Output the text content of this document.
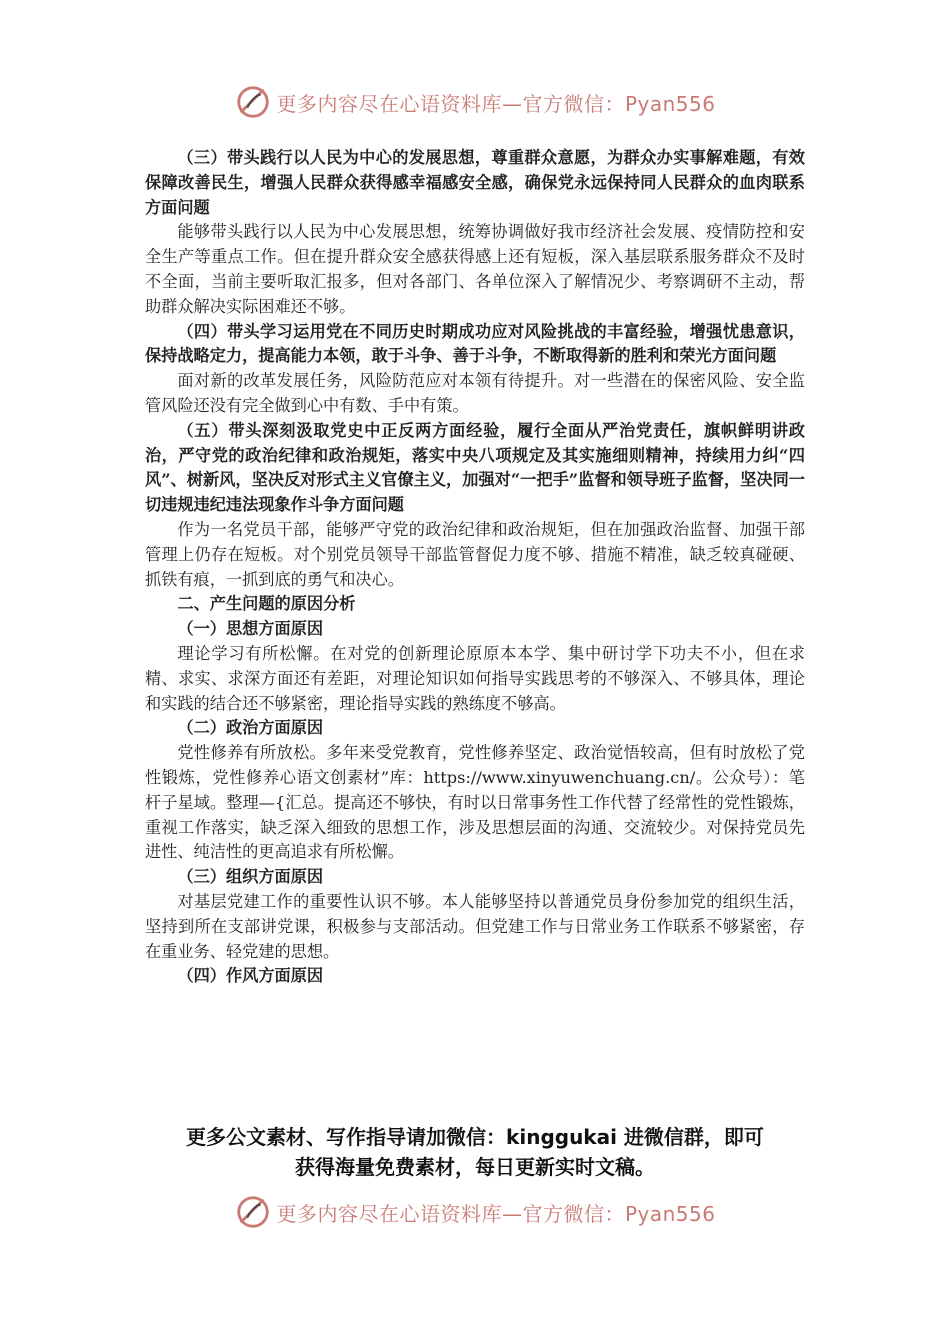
更多内容尽在心语资料库—官方微信：Pyan556

（三）带头践行以人民为中心的发展思想，尊重群众意愿，为群众办实事解难题，有效保障改善民生，增强人民群众获得感幸福感安全感，确保党永远保持同人民群众的血肉联系方面问题

能够带头践行以人民为中心发展思想，统筹协调做好我市经济社会发展、疫情防控和安全生产等重点工作。但在提升群众安全感获得感上还有短板，深入基层联系服务群众不及时不全面，当前主要听取汇报多，但对各部门、各单位深入了解情况少、考察调研不主动，帮助群众解决实际困难还不够。

（四）带头学习运用党在不同历史时期成功应对风险挑战的丰富经验，增强忧患意识，保持战略定力，提高能力本领，敢于斗争、善于斗争，不断取得新的胜利和荣光方面问题

面对新的改革发展任务，风险防范应对本领有待提升。对一些潜在的保密风险、安全监管风险还没有完全做到心中有数、手中有策。

（五）带头深刻汲取党史中正反两方面经验，履行全面从严治党责任，旗帜鲜明讲政治，严守党的政治纪律和政治规矩，落实中央八项规定及其实施细则精神，持续用力纠“四风”、树新风，坚决反对形式主义官僚主义，加强对“一把手”监督和领导班子监督，坚决同一切违规违纪违法现象作斗争方面问题

作为一名党员干部，能够严守党的政治纪律和政治规矩，但在加强政治监督、加强干部管理上仍存在短板。对个别党员领导干部监管督促力度不够、措施不精准，缺乏较真碰硬、抓铁有痕，一抓到底的勇气和决心。

二、产生问题的原因分析

（一）思想方面原因

理论学习有所松懈。在对党的创新理论原原本本学、集中研讨学下功夫不小，但在求精、求实、求深方面还有差距，对理论知识如何指导实践思考的不够深入、不够具体，理论和实践的结合还不够紧密，理论指导实践的熟练度不够高。

（二）政治方面原因

党性修养有所放松。多年来受党教育，党性修养坚定、政治觉悟较高，但有时放松了党性锻炼，党性修养心语文创素材”库：https://www.xinyuwenchuang.cn/。公众号）：笔杆子星域。整理—{汇总。提高还不够快，有时以日常事务性工作代替了经常性的党性锻炼，重视工作落实，缺乏深入细致的思想工作，涉及思想层面的沟通、交流较少。对保持党员先进性、纯洁性的更高追求有所松懈。

（三）组织方面原因

对基层党建工作的重要性认识不够。本人能够坚持以普通党员身份参加党的组织生活，坚持到所在支部讲党课，积极参与支部活动。但党建工作与日常业务工作联系不够紧密，存在重业务、轻党建的思想。

（四）作风方面原因

更多公文素材、写作指导请加微信：kinggukai 进微信群，即可
获得海量免费素材，每日更新实时文稿。
更多内容尽在心语资料库—官方微信：Pyan556
